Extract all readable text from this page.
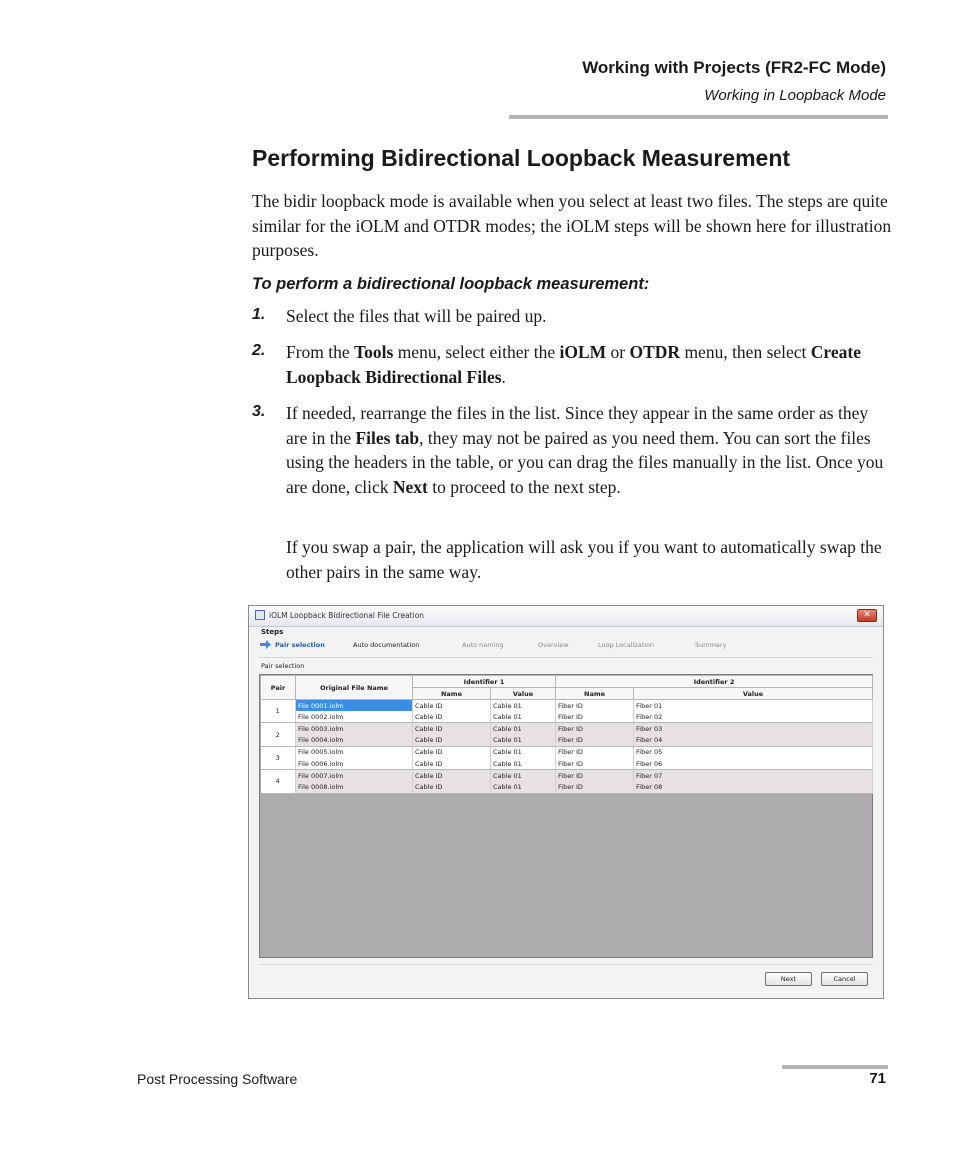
Working with Projects (FR2-FC Mode)
Working in Loopback Mode
Performing Bidirectional Loopback Measurement

The bidir loopback mode is available when you select at least two files. The steps are quite similar for the iOLM and OTDR modes; the iOLM steps will be shown here for illustration purposes.

To perform a bidirectional loopback measurement:
1. Select the files that will be paired up.

2. From the Tools menu, select either the iOLM or OTDR menu, then select Create Loopback Bidirectional Files.

3. If needed, rearrange the files in the list. Since they appear in the same order as they are in the Files tab, they may not be paired as you need them. You can sort the files using the headers in the table, or you can drag the files manually in the list. Once you are done, click Next to proceed to the next step.

If you swap a pair, the application will ask you if you want to automatically swap the other pairs in the same way.

iOLM Loopback Bidirectional File Creation	✕
Steps
Pair selection	Auto documentation	Auto naming	Overview	Loop Localization	Summary
Pair selection
Pair	Original File Name	Identifier 1		Identifier 2	
		Name	Value	Name	Value
1	File 0001.iolm	Cable ID	Cable 01	Fiber ID	Fiber 01
	File 0002.iolm	Cable ID	Cable 01	Fiber ID	Fiber 02
2	File 0003.iolm	Cable ID	Cable 01	Fiber ID	Fiber 03
	File 0004.iolm	Cable ID	Cable 01	Fiber ID	Fiber 04
3	File 0005.iolm	Cable ID	Cable 01	Fiber ID	Fiber 05
	File 0006.iolm	Cable ID	Cable 01	Fiber ID	Fiber 06
4	File 0007.iolm	Cable ID	Cable 01	Fiber ID	Fiber 07
	File 0008.iolm	Cable ID	Cable 01	Fiber ID	Fiber 08
Next	Cancel
Post Processing Software	71
